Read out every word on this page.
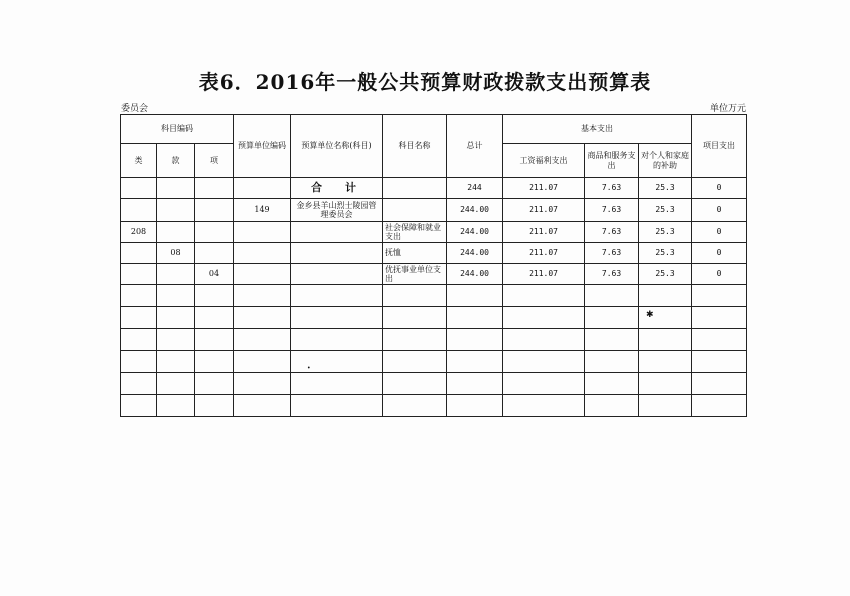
表6．2016年一般公共预算财政拨款支出预算表
委员会	单位万元
科目编码			预算单位编码	预算单位名称(科目)	科目名称	总计	基本支出			项目支出
类	款	项					工资福利支出	商品和服务支出	对个人和家庭的补助	
				合　计		244	211.07	7.63	25.3	0
			149	金乡县羊山烈士陵园管理委员会		244.00	211.07	7.63	25.3	0
208					社会保障和就业支出	244.00	211.07	7.63	25.3	0
	08				抚恤	244.00	211.07	7.63	25.3	0
		04			优抚事业单位支出	244.00	211.07	7.63	25.3	0

✱
•
